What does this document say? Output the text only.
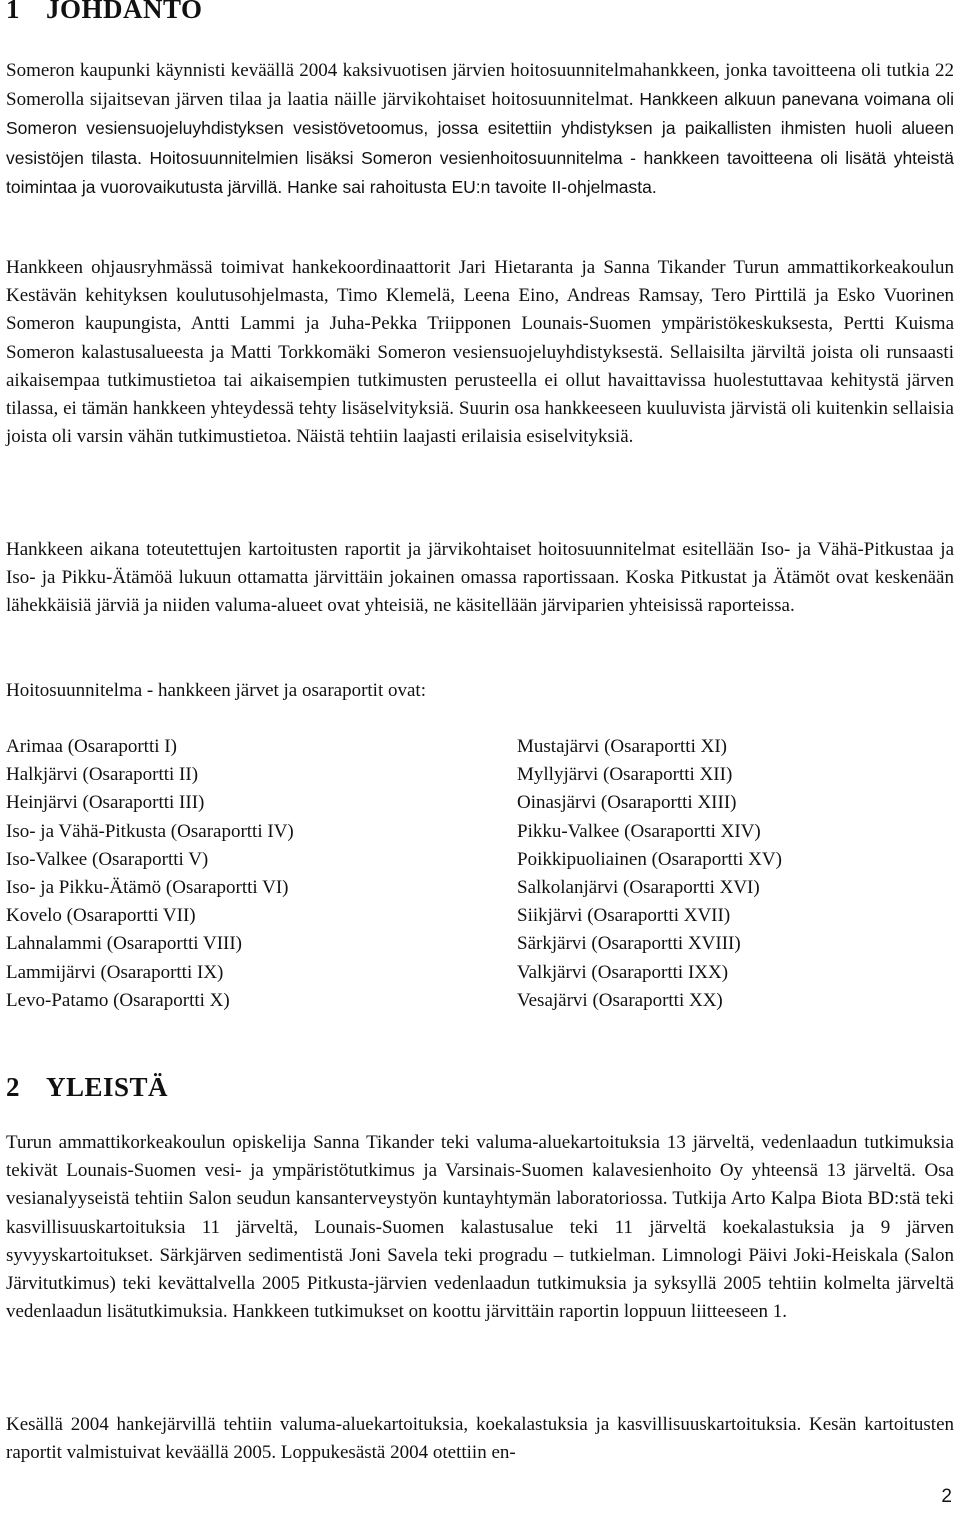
1 JOHDANTO

Someron kaupunki käynnisti keväällä 2004 kaksivuotisen järvien hoitosuunnitelmahankkeen, jonka tavoitteena oli tutkia 22 Somerolla sijaitsevan järven tilaa ja laatia näille järvikohtaiset hoitosuunnitelmat. Hankkeen alkuun panevana voimana oli Someron vesiensuojeluyhdistyksen vesistövetoomus, jossa esitettiin yhdistyksen ja paikallisten ihmisten huoli alueen vesistöjen tilasta. Hoitosuunnitelmien lisäksi Someron vesienhoitosuunnitelma - hankkeen tavoitteena oli lisätä yhteistä toimintaa ja vuorovaikutusta järvillä. Hanke sai rahoitusta EU:n tavoite II-ohjelmasta.

Hankkeen ohjausryhmässä toimivat hankekoordinaattorit Jari Hietaranta ja Sanna Tikander Turun ammattikorkeakoulun Kestävän kehityksen koulutusohjelmasta, Timo Klemelä, Leena Eino, Andreas Ramsay, Tero Pirttilä ja Esko Vuorinen Someron kaupungista, Antti Lammi ja Juha-Pekka Triipponen Lounais-Suomen ympäristökeskuksesta, Pertti Kuisma Someron kalastusalueesta ja Matti Torkkomäki Someron vesiensuojeluyhdistyksestä. Sellaisilta järviltä joista oli runsaasti aikaisempaa tutkimustietoa tai aikaisempien tutkimusten perusteella ei ollut havaittavissa huolestuttavaa kehitystä järven tilassa, ei tämän hankkeen yhteydessä tehty lisäselvityksiä. Suurin osa hankkeeseen kuuluvista järvistä oli kuitenkin sellaisia joista oli varsin vähän tutkimustietoa. Näistä tehtiin laajasti erilaisia esiselvityksiä.

Hankkeen aikana toteutettujen kartoitusten raportit ja järvikohtaiset hoitosuunnitelmat esitellään Iso- ja Vähä-Pitkustaa ja Iso- ja Pikku-Ätämöä lukuun ottamatta järvittäin jokainen omassa raportissaan. Koska Pitkustat ja Ätämöt ovat keskenään lähekkäisiä järviä ja niiden valuma-alueet ovat yhteisiä, ne käsitellään järviparien yhteisissä raporteissa.

Hoitosuunnitelma - hankkeen järvet ja osaraportit ovat:

Arimaa (Osaraportti I)
Halkjärvi (Osaraportti II)
Heinjärvi (Osaraportti III)
Iso- ja Vähä-Pitkusta (Osaraportti IV)
Iso-Valkee (Osaraportti V)
Iso- ja Pikku-Ätämö (Osaraportti VI)
Kovelo (Osaraportti VII)
Lahnalammi (Osaraportti VIII)
Lammijärvi (Osaraportti IX)
Levo-Patamo (Osaraportti X)
Mustajärvi (Osaraportti XI)
Myllyjärvi (Osaraportti XII)
Oinasjärvi (Osaraportti XIII)
Pikku-Valkee (Osaraportti XIV)
Poikkipuoliainen (Osaraportti XV)
Salkolanjärvi (Osaraportti XVI)
Siikjärvi (Osaraportti XVII)
Särkjärvi (Osaraportti XVIII)
Valkjärvi (Osaraportti IXX)
Vesajärvi (Osaraportti XX)
2 YLEISTÄ

Turun ammattikorkeakoulun opiskelija Sanna Tikander teki valuma-aluekartoituksia 13 järveltä, vedenlaadun tutkimuksia tekivät Lounais-Suomen vesi- ja ympäristötutkimus ja Varsinais-Suomen kalavesienhoito Oy yhteensä 13 järveltä. Osa vesianalyyseistä tehtiin Salon seudun kansanterveystyön kuntayhtymän laboratoriossa. Tutkija Arto Kalpa Biota BD:stä teki kasvillisuuskartoituksia 11 järveltä, Lounais-Suomen kalastusalue teki 11 järveltä koekalastuksia ja 9 järven syvyyskartoitukset. Särkjärven sedimentistä Joni Savela teki progradu – tutkielman. Limnologi Päivi Joki-Heiskala (Salon Järvitutkimus) teki kevättalvella 2005 Pitkusta-järvien vedenlaadun tutkimuksia ja syksyllä 2005 tehtiin kolmelta järveltä vedenlaadun lisätutkimuksia. Hankkeen tutkimukset on koottu järvittäin raportin loppuun liitteeseen 1.

Kesällä 2004 hankejärvillä tehtiin valuma-aluekartoituksia, koekalastuksia ja kasvillisuuskartoituksia. Kesän kartoitusten raportit valmistuivat keväällä 2005. Loppukesästä 2004 otettiin en-

2
